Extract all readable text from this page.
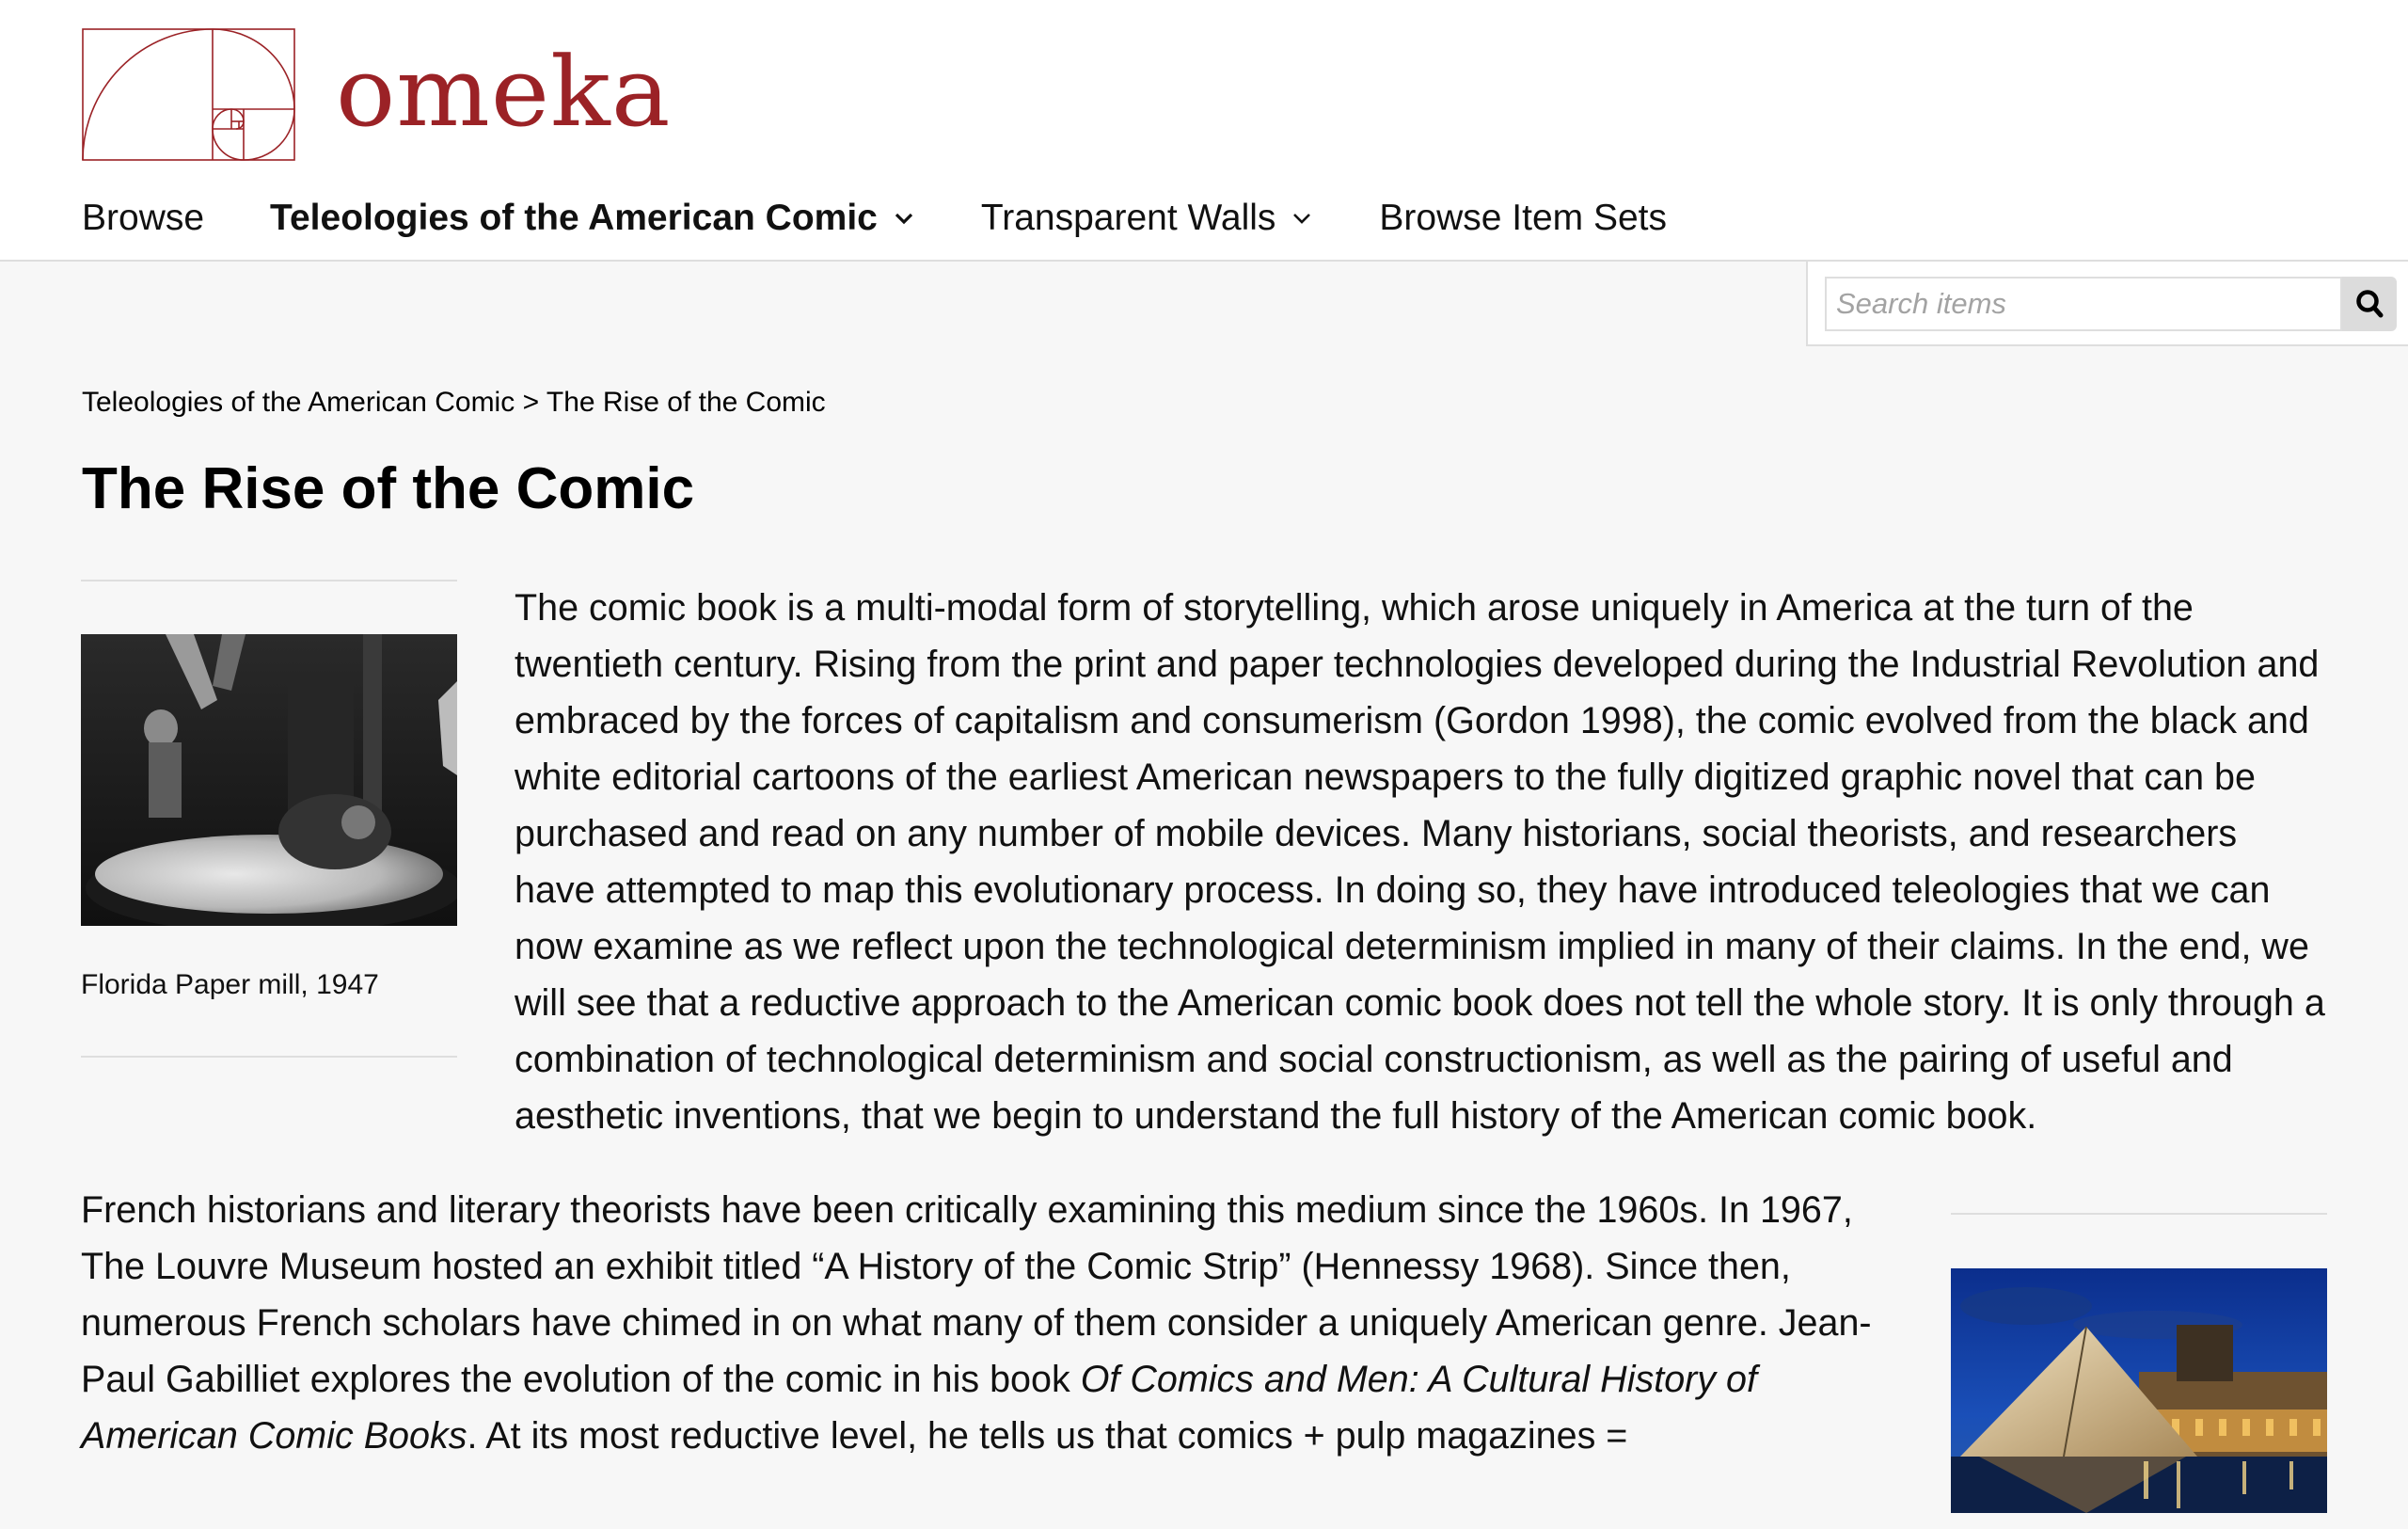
omeka
Browse Teleologies of the American Comic	Transparent Walls	Browse Item Sets
Search items
Teleologies of the American Comic > The Rise of the Comic
The Rise of the Comic
Florida Paper mill, 1947

The comic book is a multi-modal form of storytelling, which arose uniquely in America at the turn of the twentieth century. Rising from the print and paper technologies developed during the Industrial Revolution and embraced by the forces of capitalism and consumerism (Gordon 1998), the comic evolved from the black and white editorial cartoons of the earliest American newspapers to the fully digitized graphic novel that can be purchased and read on any number of mobile devices. Many historians, social theorists, and researchers have attempted to map this evolutionary process. In doing so, they have introduced teleologies that we can now examine as we reflect upon the technological determinism implied in many of their claims. In the end, we will see that a reductive approach to the American comic book does not tell the whole story. It is only through a combination of technological determinism and social constructionism, as well as the pairing of useful and aesthetic inventions, that we begin to understand the full history of the American comic book.

French historians and literary theorists have been critically examining this medium since the 1960s. In 1967, The Louvre Museum hosted an exhibit titled “A History of the Comic Strip” (Hennessy 1968). Since then, numerous French scholars have chimed in on what many of them consider a uniquely American genre. Jean-Paul Gabilliet explores the evolution of the comic in his book Of Comics and Men: A Cultural History of American Comic Books. At its most reductive level, he tells us that comics + pulp magazines =
